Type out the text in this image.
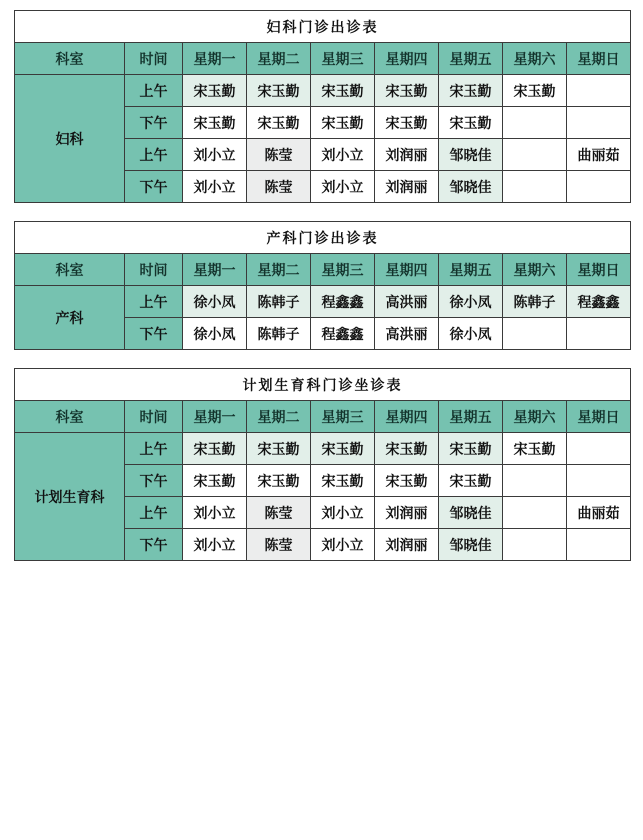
妇科门诊出诊表								
科室	时间	星期一	星期二	星期三	星期四	星期五	星期六	星期日
妇科	上午	宋玉勤	宋玉勤	宋玉勤	宋玉勤	宋玉勤	宋玉勤	
	下午	宋玉勤	宋玉勤	宋玉勤	宋玉勤	宋玉勤		
	上午	刘小立	陈莹	刘小立	刘润丽	邹晓佳		曲丽茹
	下午	刘小立	陈莹	刘小立	刘润丽	邹晓佳		
产科门诊出诊表								
科室	时间	星期一	星期二	星期三	星期四	星期五	星期六	星期日
产科	上午	徐小凤	陈韩子	程鑫鑫	高洪丽	徐小凤	陈韩子	程鑫鑫
	下午	徐小凤	陈韩子	程鑫鑫	高洪丽	徐小凤		
计划生育科门诊坐诊表								
科室	时间	星期一	星期二	星期三	星期四	星期五	星期六	星期日
计划生育科	上午	宋玉勤	宋玉勤	宋玉勤	宋玉勤	宋玉勤	宋玉勤	
	下午	宋玉勤	宋玉勤	宋玉勤	宋玉勤	宋玉勤		
	上午	刘小立	陈莹	刘小立	刘润丽	邹晓佳		曲丽茹
	下午	刘小立	陈莹	刘小立	刘润丽	邹晓佳		
